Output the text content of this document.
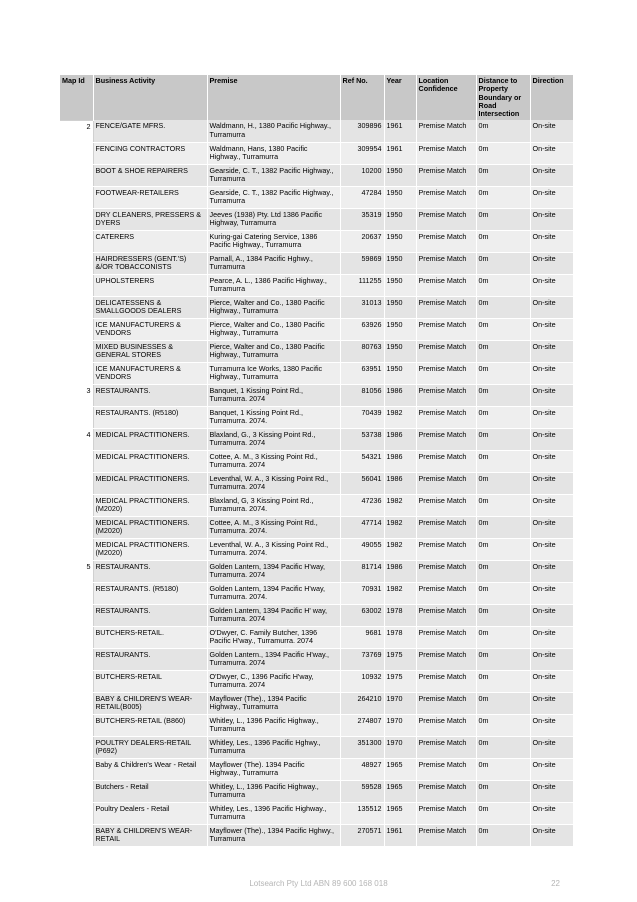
Map Id	Business Activity	Premise	Ref No.	Year	Location Confidence	Distance to Property Boundary or Road Intersection	Direction
2	FENCE/GATE MFRS.	Waldmann, H., 1380 Pacific Highway., Turramurra	309896	1961	Premise Match	0m	On-site
	FENCING CONTRACTORS	Waldmann, Hans, 1380 Pacific Highway., Turramurra	309954	1961	Premise Match	0m	On-site
	BOOT & SHOE REPAIRERS	Gearside, C. T., 1382 Pacific Highway., Turramurra	10200	1950	Premise Match	0m	On-site
	FOOTWEAR-RETAILERS	Gearside, C. T., 1382 Pacific Highway., Turramurra	47284	1950	Premise Match	0m	On-site
	DRY CLEANERS, PRESSERS & DYERS	Jeeves (1938) Pty. Ltd 1386 Pacific Highway, Turramurra	35319	1950	Premise Match	0m	On-site
	CATERERS	Kuring-gai Catering Service, 1386 Pacific Highway., Turramurra	20637	1950	Premise Match	0m	On-site
	HAIRDRESSERS (GENT.'S) &/OR TOBACCONISTS	Parnall, A., 1384 Pacific Hghwy., Turramurra	59869	1950	Premise Match	0m	On-site
	UPHOLSTERERS	Pearce, A. L., 1386 Pacific Highway., Turramurra	111255	1950	Premise Match	0m	On-site
	DELICATESSENS & SMALLGOODS DEALERS	Pierce, Walter and Co., 1380 Pacific Highway., Turramurra	31013	1950	Premise Match	0m	On-site
	ICE MANUFACTURERS & VENDORS	Pierce, Walter and Co., 1380 Pacific Highway., Turramurra	63926	1950	Premise Match	0m	On-site
	MIXED BUSINESSES & GENERAL STORES	Pierce, Walter and Co., 1380 Pacific Highway., Turramurra	80763	1950	Premise Match	0m	On-site
	ICE MANUFACTURERS & VENDORS	Turramurra Ice Works, 1380 Pacific Highway., Turramurra	63951	1950	Premise Match	0m	On-site
3	RESTAURANTS.	Banquet, 1 Kissing Point Rd., Turramurra. 2074	81056	1986	Premise Match	0m	On-site
	RESTAURANTS. (R5180)	Banquet, 1 Kissing Point Rd., Turramurra. 2074.	70439	1982	Premise Match	0m	On-site
4	MEDICAL PRACTITIONERS.	Blaxland, G., 3 Kissing Point Rd., Turramurra. 2074	53738	1986	Premise Match	0m	On-site
	MEDICAL PRACTITIONERS.	Cottee, A. M., 3 Kissing Point Rd., Turramurra. 2074	54321	1986	Premise Match	0m	On-site
	MEDICAL PRACTITIONERS.	Leventhal, W. A., 3 Kissing Point Rd., Turramurra. 2074	56041	1986	Premise Match	0m	On-site
	MEDICAL PRACTITIONERS. (M2020)	Blaxland, G, 3 Kissing Point Rd., Turramurra. 2074.	47236	1982	Premise Match	0m	On-site
	MEDICAL PRACTITIONERS. (M2020)	Cottee, A. M., 3 Kissing Point Rd., Turramurra. 2074.	47714	1982	Premise Match	0m	On-site
	MEDICAL PRACTITIONERS. (M2020)	Leventhal, W. A., 3 Kissing Point Rd., Turramurra. 2074.	49055	1982	Premise Match	0m	On-site
5	RESTAURANTS.	Golden Lantern, 1394 Pacific H'way, Turramurra. 2074	81714	1986	Premise Match	0m	On-site
	RESTAURANTS. (R5180)	Golden Lantern, 1394 Pacific H'way, Turramurra. 2074.	70931	1982	Premise Match	0m	On-site
	RESTAURANTS.	Golden Lantern, 1394 Pacific H' way, Turramurra. 2074	63002	1978	Premise Match	0m	On-site
	BUTCHERS-RETAIL.	O'Dwyer, C. Family Butcher, 1396 Pacific H'way., Turramurra. 2074	9681	1978	Premise Match	0m	On-site
	RESTAURANTS.	Golden Lantern., 1394 Pacific H'way., Turramurra. 2074	73769	1975	Premise Match	0m	On-site
	BUTCHERS-RETAIL	O'Dwyer, C., 1396 Pacific H'way, Turramurra. 2074	10932	1975	Premise Match	0m	On-site
	BABY & CHILDREN'S WEAR-RETAIL(B005)	Mayflower (The)., 1394 Pacific Highway., Turramurra	264210	1970	Premise Match	0m	On-site
	BUTCHERS-RETAIL (B860)	Whitley, L., 1396 Pacific Highway., Turramurra	274807	1970	Premise Match	0m	On-site
	POULTRY DEALERS-RETAIL (P692)	Whitley, Les., 1396 Pacific Hghwy., Turramurra	351300	1970	Premise Match	0m	On-site
	Baby & Children's Wear - Retail	Mayflower (The). 1394 Pacific Highway., Turramurra	48927	1965	Premise Match	0m	On-site
	Butchers - Retail	Whitley, L., 1396 Pacific Highway., Turramurra	59528	1965	Premise Match	0m	On-site
	Poultry Dealers - Retail	Whitley, Les., 1396 Pacific Highway., Turramurra	135512	1965	Premise Match	0m	On-site
	BABY & CHILDREN'S WEAR-RETAIL	Mayflower (The)., 1394 Pacific Hghwy., Turramurra	270571	1961	Premise Match	0m	On-site
Lotsearch Pty Ltd ABN 89 600 168 018	22
